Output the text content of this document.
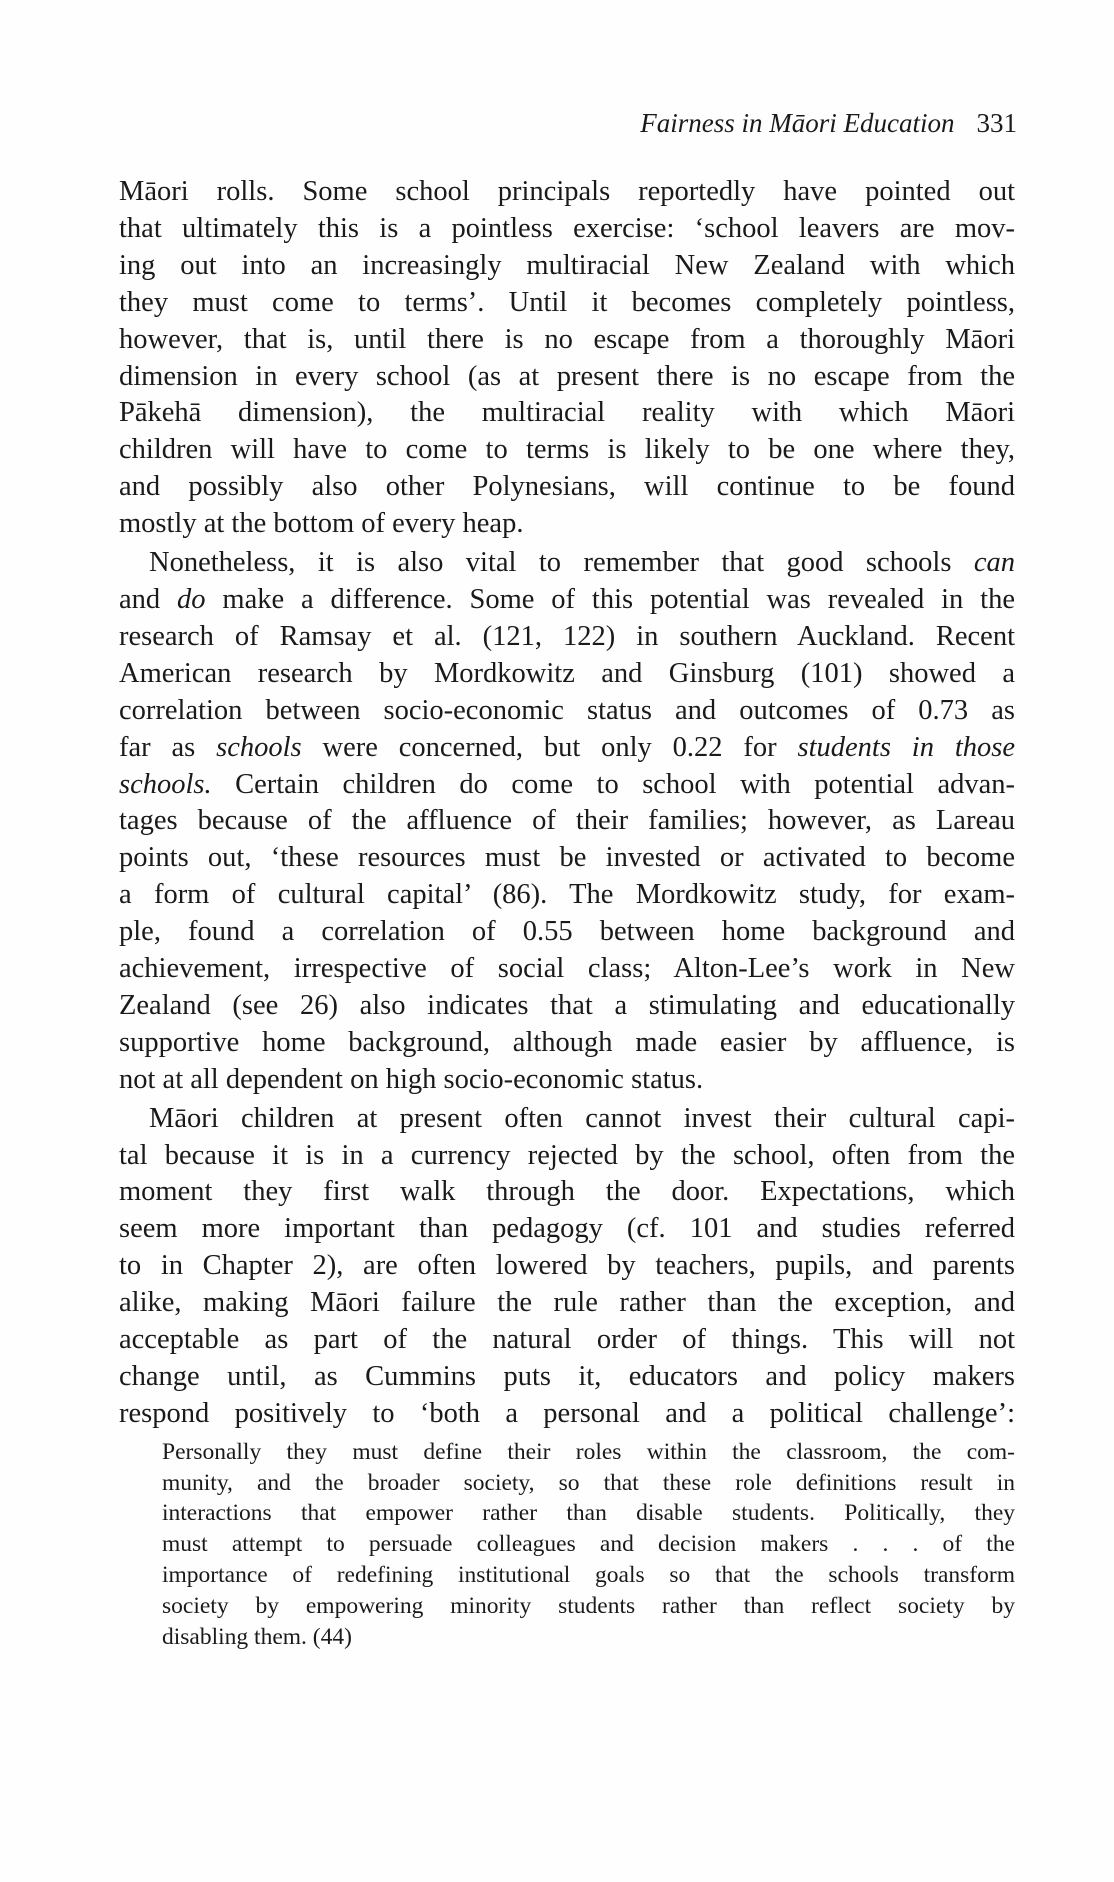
Fairness in Māori Education 331
Māori rolls. Some school principals reportedly have pointed out
that ultimately this is a pointless exercise: ‘school leavers are mov-
ing out into an increasingly multiracial New Zealand with which
they must come to terms’. Until it becomes completely pointless,
however, that is, until there is no escape from a thoroughly Māori
dimension in every school (as at present there is no escape from the
Pākehā dimension), the multiracial reality with which Māori
children will have to come to terms is likely to be one where they,
and possibly also other Polynesians, will continue to be found
mostly at the bottom of every heap.
Nonetheless, it is also vital to remember that good schools can
and do make a difference. Some of this potential was revealed in the
research of Ramsay et al. (121, 122) in southern Auckland. Recent
American research by Mordkowitz and Ginsburg (101) showed a
correlation between socio-economic status and outcomes of 0.73 as
far as schools were concerned, but only 0.22 for students in those
schools. Certain children do come to school with potential advan-
tages because of the affluence of their families; however, as Lareau
points out, ‘these resources must be invested or activated to become
a form of cultural capital’ (86). The Mordkowitz study, for exam-
ple, found a correlation of 0.55 between home background and
achievement, irrespective of social class; Alton-Lee’s work in New
Zealand (see 26) also indicates that a stimulating and educationally
supportive home background, although made easier by affluence, is
not at all dependent on high socio-economic status.
Māori children at present often cannot invest their cultural capi-
tal because it is in a currency rejected by the school, often from the
moment they first walk through the door. Expectations, which
seem more important than pedagogy (cf. 101 and studies referred
to in Chapter 2), are often lowered by teachers, pupils, and parents
alike, making Māori failure the rule rather than the exception, and
acceptable as part of the natural order of things. This will not
change until, as Cummins puts it, educators and policy makers
respond positively to ‘both a personal and a political challenge’:
Personally they must define their roles within the classroom, the com-
munity, and the broader society, so that these role definitions result in
interactions that empower rather than disable students. Politically, they
must attempt to persuade colleagues and decision makers . . . of the
importance of redefining institutional goals so that the schools transform
society by empowering minority students rather than reflect society by
disabling them. (44)
